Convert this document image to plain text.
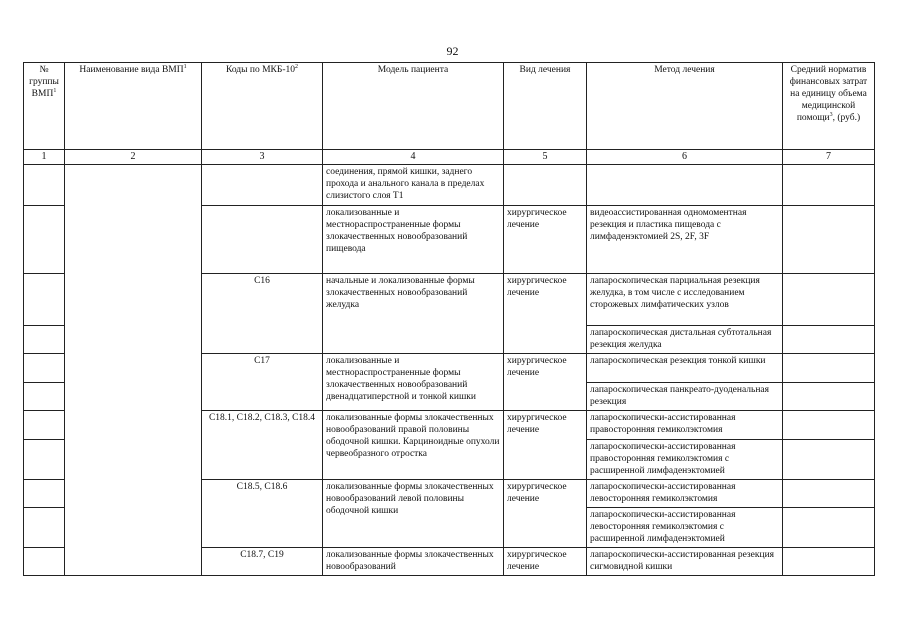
92
№ группы ВМП$^1$	Наименование вида ВМП$^1$	Коды по МКБ-$10^2$	Модель пациента	Вид лечения	Метод лечения	Средний норматив финансовых затрат на единицу объема медицинской помощи$^3$, (руб.)
1	2	3	4	5	6	7
			соединения, прямой кишки, заднего прохода и анального канала в пределах слизистого слоя T1			
			локализованные и местнораспространенные формы злокачественных новообразований пищевода	хирургическое лечение	видеоассистированная одномоментная резекция и пластика пищевода с лимфаденэктомией 2S, 2F, 3F	
		C16	начальные и локализованные формы злокачественных новообразований желудка	хирургическое лечение	лапароскопическая парциальная резекция желудка, в том числе с исследованием сторожевых лимфатических узлов	
					лапароскопическая дистальная субтотальная резекция желудка	
		C17	локализованные и местнораспространенные формы злокачественных новообразований двенадцатиперстной и тонкой кишки	хирургическое лечение	лапароскопическая резекция тонкой кишки	
					лапароскопическая панкреато-дуоденальная резекция	
		C18.1, C18.2, C18.3, C18.4	локализованные формы злокачественных новообразований правой половины ободочной кишки. Карциноидные опухоли червеобразного отростка	хирургическое лечение	лапароскопически-ассистированная правосторонняя гемиколэктомия	
					лапароскопически-ассистированная правосторонняя гемиколэктомия с расширенной лимфаденэктомией	
		C18.5, C18.6	локализованные формы злокачественных новообразований левой половины ободочной кишки	хирургическое лечение	лапароскопически-ассистированная левосторонняя гемиколэктомия	
					лапароскопически-ассистированная левосторонняя гемиколэктомия с расширенной лимфаденэктомией	
		C18.7, C19	локализованные формы злокачественных новообразований	хирургическое лечение	лапароскопически-ассистированная резекция сигмовидной кишки	
